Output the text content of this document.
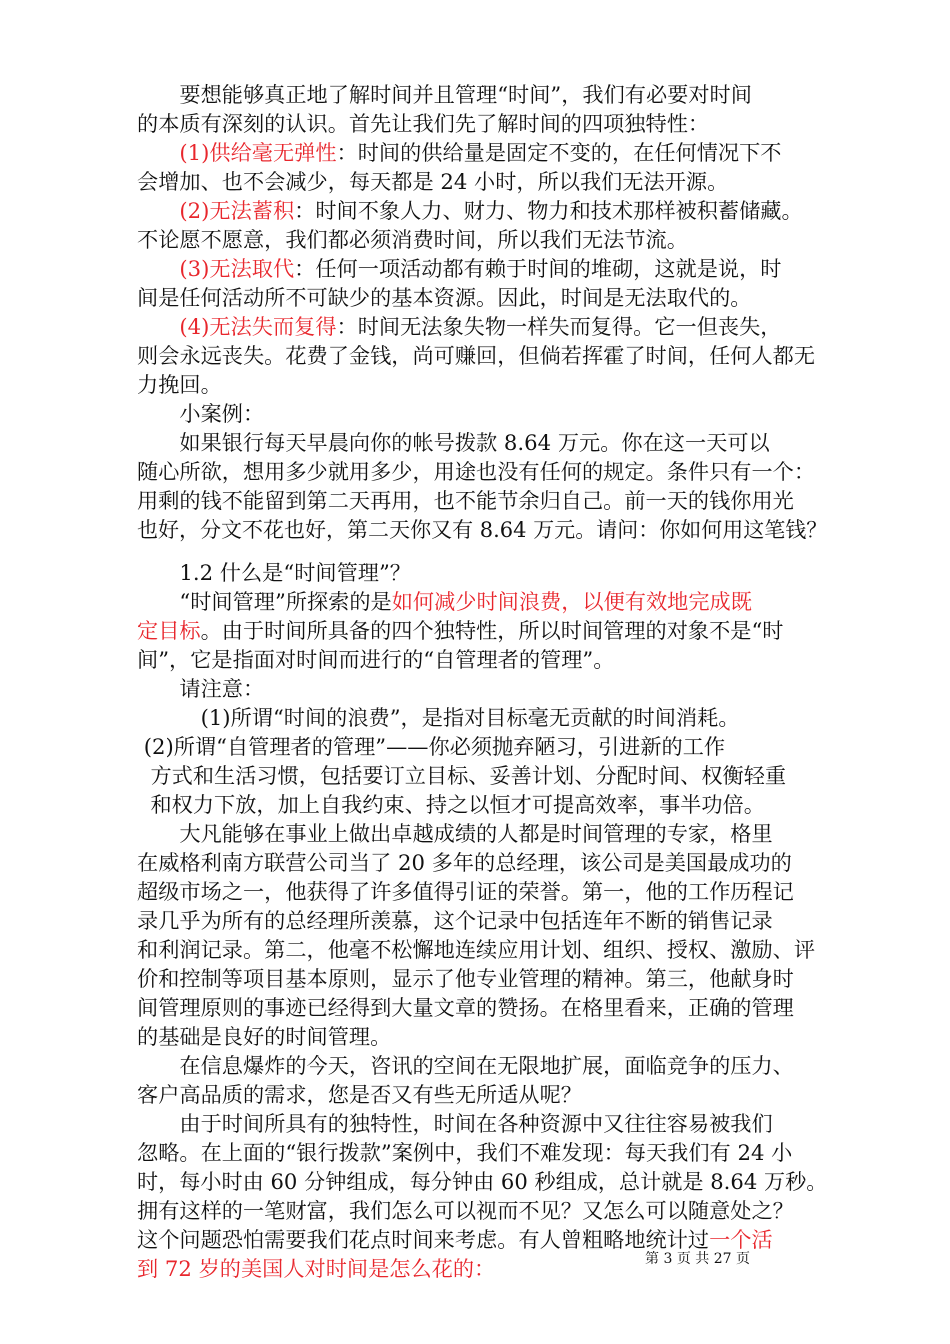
　　要想能够真正地了解时间并且管理“时间”，我们有必要对时间
的本质有深刻的认识。首先让我们先了解时间的四项独特性：
　　(1)供给毫无弹性：时间的供给量是固定不变的，在任何情况下不
会增加、也不会减少，每天都是 24 小时，所以我们无法开源。
　　(2)无法蓄积：时间不象人力、财力、物力和技术那样被积蓄储藏。
不论愿不愿意，我们都必须消费时间，所以我们无法节流。
　　(3)无法取代：任何一项活动都有赖于时间的堆砌，这就是说，时
间是任何活动所不可缺少的基本资源。因此，时间是无法取代的。
　　(4)无法失而复得：时间无法象失物一样失而复得。它一但丧失，
则会永远丧失。花费了金钱，尚可赚回，但倘若挥霍了时间，任何人都无
力挽回。
　　小案例：
　　如果银行每天早晨向你的帐号拨款 8.64 万元。你在这一天可以
随心所欲，想用多少就用多少，用途也没有任何的规定。条件只有一个：
用剩的钱不能留到第二天再用，也不能节余归自己。前一天的钱你用光
也好，分文不花也好，第二天你又有 8.64 万元。请问：你如何用这笔钱？
　　1.2 什么是“时间管理”？
　　“时间管理”所探索的是如何减少时间浪费，以便有效地完成既
定目标。由于时间所具备的四个独特性，所以时间管理的对象不是“时
间”，它是指面对时间而进行的“自管理者的管理”。
　　请注意：
　　　(1)所谓“时间的浪费”，是指对目标毫无贡献的时间消耗。
(2)所谓“自管理者的管理”——你必须抛弃陋习，引进新的工作
方式和生活习惯，包括要订立目标、妥善计划、分配时间、权衡轻重
和权力下放，加上自我约束、持之以恒才可提高效率，事半功倍。
　　大凡能够在事业上做出卓越成绩的人都是时间管理的专家，格里
在威格利南方联营公司当了 20 多年的总经理，该公司是美国最成功的
超级市场之一，他获得了许多值得引证的荣誉。第一，他的工作历程记
录几乎为所有的总经理所羡慕，这个记录中包括连年不断的销售记录
和利润记录。第二，他毫不松懈地连续应用计划、组织、授权、激励、评
价和控制等项目基本原则，显示了他专业管理的精神。第三，他献身时
间管理原则的事迹已经得到大量文章的赞扬。在格里看来，正确的管理
的基础是良好的时间管理。
　　在信息爆炸的今天，咨讯的空间在无限地扩展，面临竞争的压力、
客户高品质的需求，您是否又有些无所适从呢？
　　由于时间所具有的独特性，时间在各种资源中又往往容易被我们
忽略。在上面的“银行拨款”案例中，我们不难发现：每天我们有 24 小
时，每小时由 60 分钟组成，每分钟由 60 秒组成，总计就是 8.64 万秒。
拥有这样的一笔财富，我们怎么可以视而不见？又怎么可以随意处之？
这个问题恐怕需要我们花点时间来考虑。有人曾粗略地统计过一个活
到 72 岁的美国人对时间是怎么花的：	第 3 页 共 27 页
